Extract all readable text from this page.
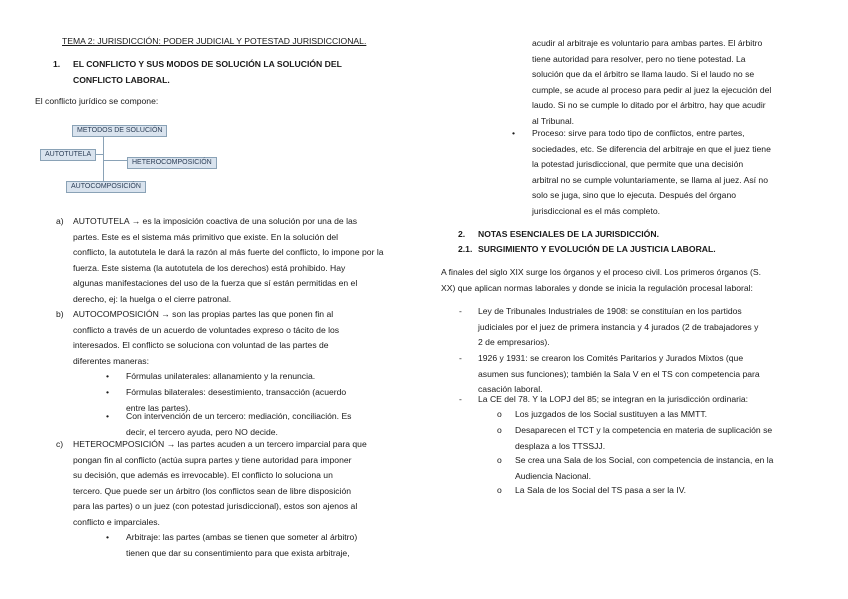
TEMA 2: JURISDICCIÓN: PODER JUDICIAL Y POTESTAD JURISDICCIONAL.
1. EL CONFLICTO Y SUS MODOS DE SOLUCIÓN LA SOLUCIÓN DEL

CONFLICTO LABORAL.

El conflicto jurídico se compone:
METODOS DE SOLUCIÓN
AUTOTUTELA
HETEROCOMPOSICIÓN
AUTOCOMPOSICIÓN
a) AUTOTUTELA → es la imposición coactiva de una solución por una de las

partes. Este es el sistema más primitivo que existe. En la solución del

conflicto, la autotutela le dará la razón al más fuerte del conflicto, lo impone por la

fuerza. Este sistema (la autotutela de los derechos) está prohibido. Hay

algunas manifestaciones del uso de la fuerza que sí están permitidas en el

derecho, ej: la huelga o el cierre patronal.

b) AUTOCOMPOSICIÓN → son las propias partes las que ponen fin al

conflicto a través de un acuerdo de voluntades expreso o tácito de los

interesados. El conflicto se soluciona con voluntad de las partes de

diferentes maneras:

• Fórmulas unilaterales: allanamiento y la renuncia.

• Fórmulas bilaterales: desestimiento, transacción (acuerdo

entre las partes).

• Con intervención de un tercero: mediación, conciliación. Es

decir, el tercero ayuda, pero NO decide.

c) HETEROCMPOSICIÓN → las partes acuden a un tercero imparcial para que

pongan fin al conflicto (actúa supra partes y tiene autoridad para imponer

su decisión, que además es irrevocable). El conflicto lo soluciona un

tercero. Que puede ser un árbitro (los conflictos sean de libre disposición

para las partes) o un juez (con potestad jurisdiccional), estos son ajenos al

conflicto e imparciales.

• Arbitraje: las partes (ambas se tienen que someter al árbitro)

tienen que dar su consentimiento para que exista arbitraje,

acudir al arbitraje es voluntario para ambas partes. El árbitro

tiene autoridad para resolver, pero no tiene potestad. La

solución que da el árbitro se llama laudo. Si el laudo no se

cumple, se acude al proceso para pedir al juez la ejecución del

laudo. Si no se cumple lo ditado por el árbitro, hay que acudir

al Tribunal.

• Proceso: sirve para todo tipo de conflictos, entre partes,

sociedades, etc. Se diferencia del arbitraje en que el juez tiene

la potestad jurisdiccional, que permite que una decisión

arbitral no se cumple voluntariamente, se llama al juez. Así no

solo se juga, sino que lo ejecuta. Después del órgano

jurisdiccional es el más completo.

2. NOTAS ESENCIALES DE LA JURISDICCIÓN.
2.1. SURGIMIENTO Y EVOLUCIÓN DE LA JUSTICIA LABORAL.

A finales del siglo XIX surge los órganos y el proceso civil. Los primeros órganos (S.

XX) que aplican normas laborales y donde se inicia la regulación procesal laboral:

- Ley de Tribunales Industriales de 1908: se constituían en los partidos

judiciales por el juez de primera instancia y 4 jurados (2 de trabajadores y

2 de empresarios).

- 1926 y 1931: se crearon los Comités Paritarios y Jurados Mixtos (que

asumen sus funciones); también la Sala V en el TS con competencia para

casación laboral.

- La CE del 78. Y la LOPJ del 85; se integran en la jurisdicción ordinaria:

o Los juzgados de los Social sustituyen a las MMTT.

o Desaparecen el TCT y la competencia en materia de suplicación se

desplaza a los TTSSJJ.

o Se crea una Sala de los Social, con competencia de instancia, en la

Audiencia Nacional.

o La Sala de los Social del TS pasa a ser la IV.
